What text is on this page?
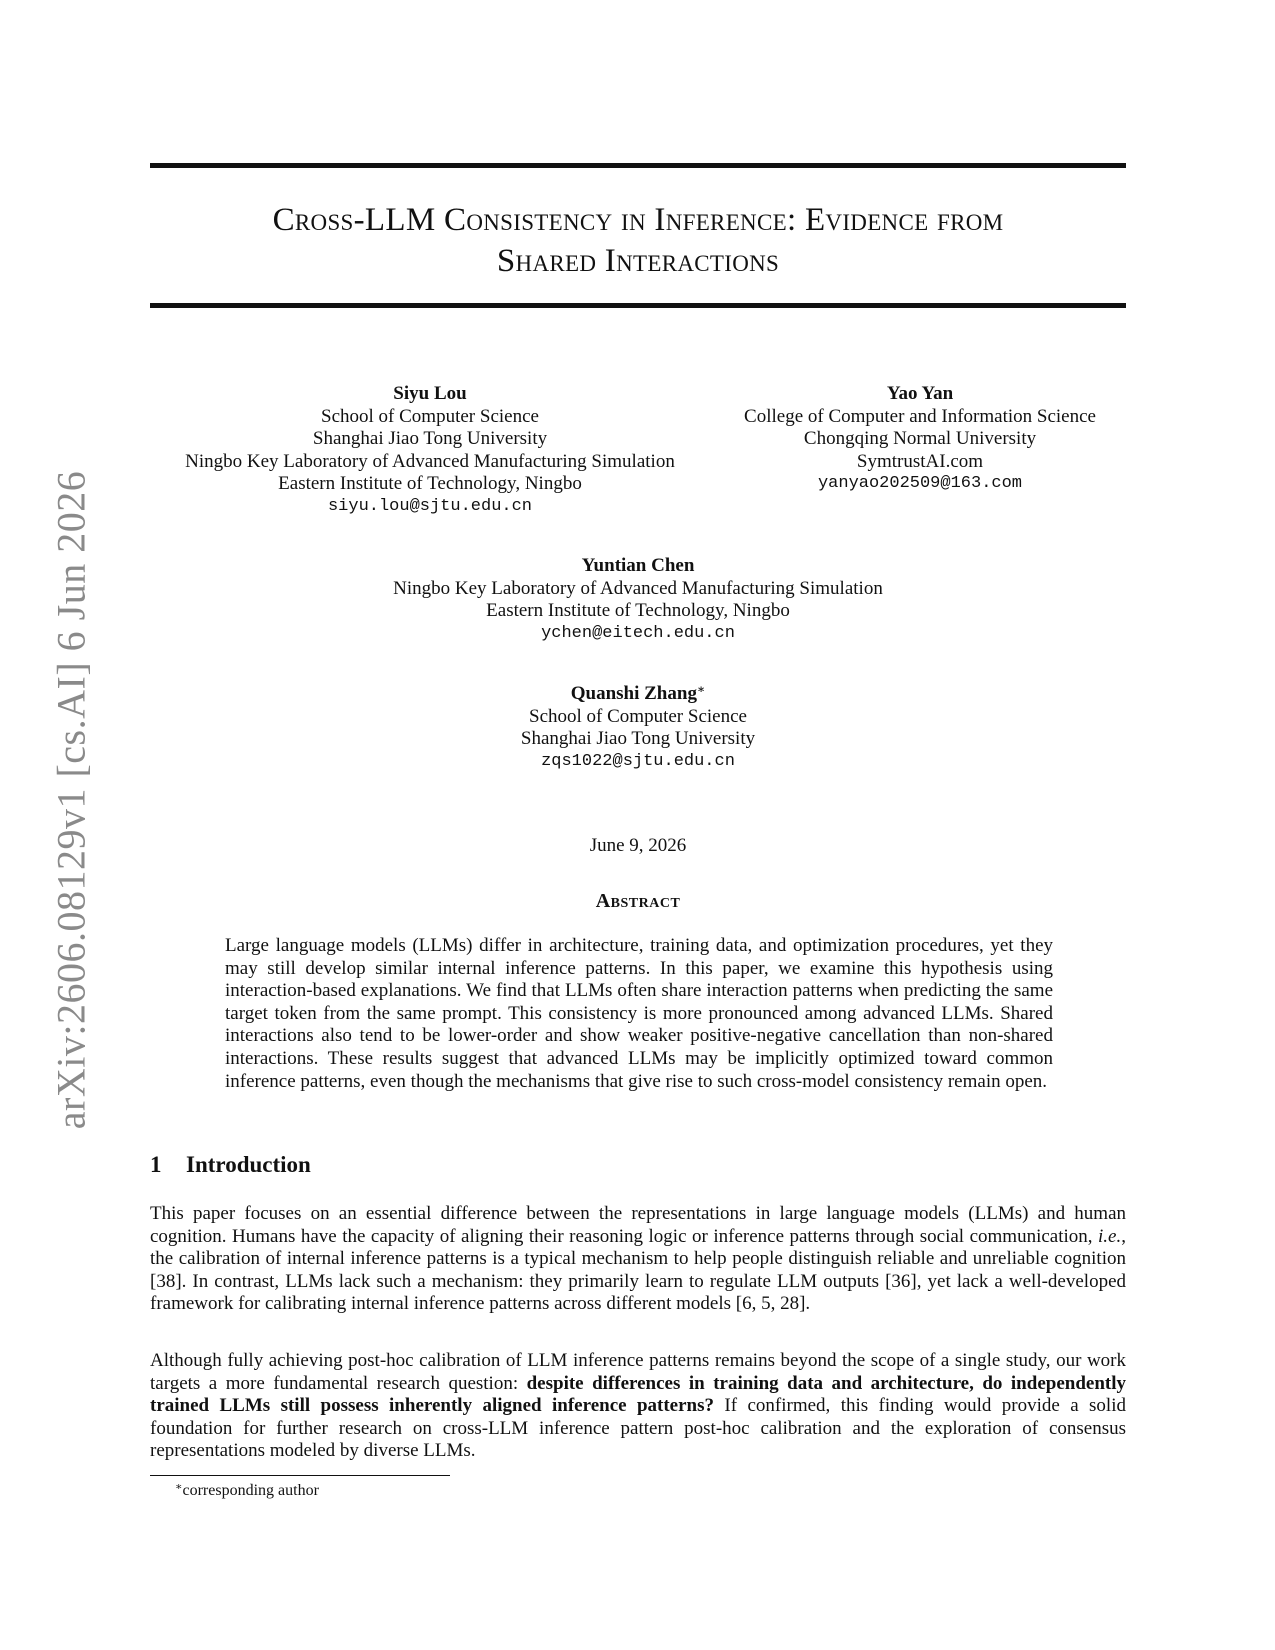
arXiv:2606.08129v1 [cs.AI] 6 Jun 2026
Cross-LLM Consistency in Inference: Evidence from
Shared Interactions
Siyu Lou
School of Computer Science
Shanghai Jiao Tong University
Ningbo Key Laboratory of Advanced Manufacturing Simulation
Eastern Institute of Technology, Ningbo
siyu.lou@sjtu.edu.cn
Yao Yan
College of Computer and Information Science
Chongqing Normal University
SymtrustAI.com
yanyao202509@163.com
Yuntian Chen
Ningbo Key Laboratory of Advanced Manufacturing Simulation
Eastern Institute of Technology, Ningbo
ychen@eitech.edu.cn
Quanshi Zhang∗
School of Computer Science
Shanghai Jiao Tong University
zqs1022@sjtu.edu.cn
June 9, 2026
Abstract
Large language models (LLMs) differ in architecture, training data, and optimization procedures, yet they may still develop similar internal inference patterns. In this paper, we examine this hypothesis using interaction-based explanations. We find that LLMs often share interaction patterns when predicting the same target token from the same prompt. This consistency is more pronounced among advanced LLMs. Shared interactions also tend to be lower-order and show weaker positive-negative cancellation than non-shared interactions. These results suggest that advanced LLMs may be implicitly optimized toward common inference patterns, even though the mechanisms that give rise to such cross-model consistency remain open.
1 Introduction
This paper focuses on an essential difference between the representations in large language models (LLMs) and human cognition. Humans have the capacity of aligning their reasoning logic or inference patterns through social communication, i.e., the calibration of internal inference patterns is a typical mechanism to help people distinguish reliable and unreliable cognition [38]. In contrast, LLMs lack such a mechanism: they primarily learn to regulate LLM outputs [36], yet lack a well-developed framework for calibrating internal inference patterns across different models [6, 5, 28].
Although fully achieving post-hoc calibration of LLM inference patterns remains beyond the scope of a single study, our work targets a more fundamental research question: despite differences in training data and architecture, do independently trained LLMs still possess inherently aligned inference patterns? If confirmed, this finding would provide a solid foundation for further research on cross-LLM inference pattern post-hoc calibration and the exploration of consensus representations modeled by diverse LLMs.
∗corresponding author
